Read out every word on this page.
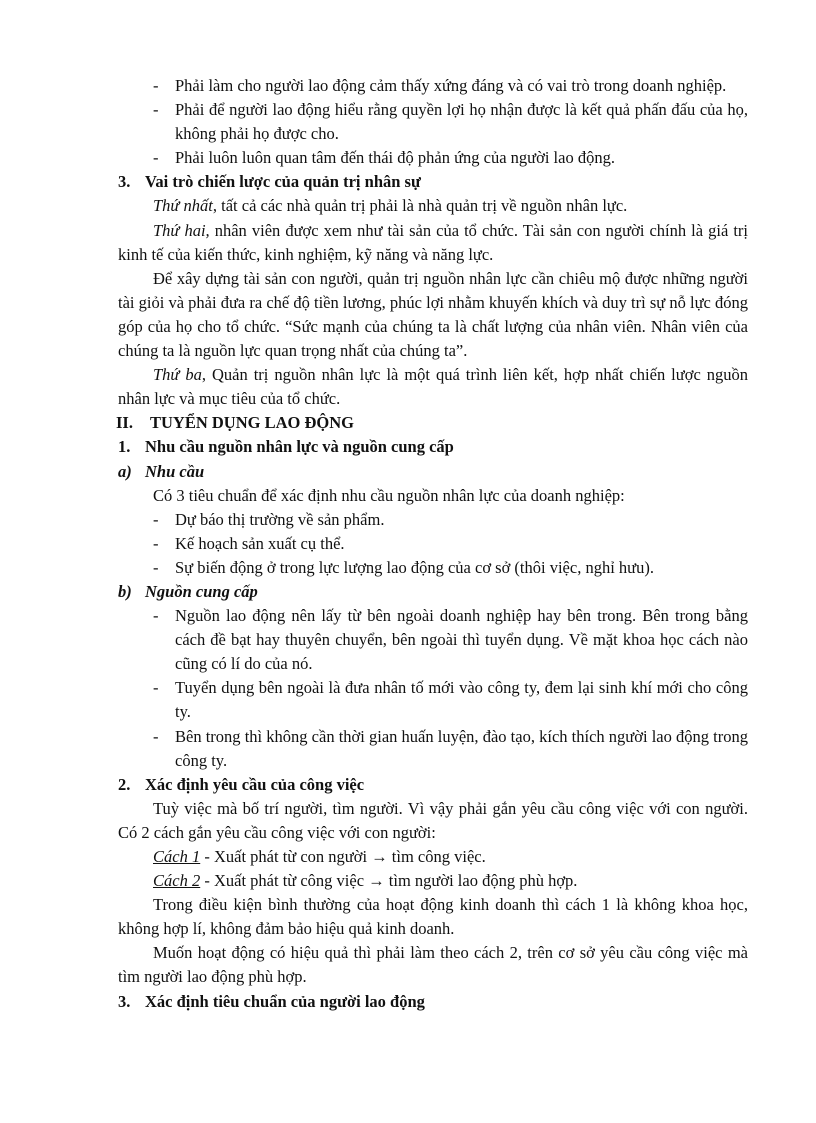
- Phải làm cho người lao động cảm thấy xứng đáng và có vai trò trong doanh nghiệp.
- Phải để người lao động hiểu rằng quyền lợi họ nhận được là kết quả phấn đấu của họ, không phải họ được cho.
- Phải luôn luôn quan tâm đến thái độ phản ứng của người lao động.
3. Vai trò chiến lược của quản trị nhân sự
Thứ nhất, tất cả các nhà quản trị phải là nhà quản trị về nguồn nhân lực.
Thứ hai, nhân viên được xem như tài sản của tổ chức. Tài sản con người chính là giá trị kinh tế của kiến thức, kinh nghiệm, kỹ năng và năng lực.
Để xây dựng tài sản con người, quản trị nguồn nhân lực cần chiêu mộ được những người tài giỏi và phải đưa ra chế độ tiền lương, phúc lợi nhằm khuyến khích và duy trì sự nỗ lực đóng góp của họ cho tổ chức. “Sức mạnh của chúng ta là chất lượng của nhân viên. Nhân viên của chúng ta là nguồn lực quan trọng nhất của chúng ta”.
Thứ ba, Quản trị nguồn nhân lực là một quá trình liên kết, hợp nhất chiến lược nguồn nhân lực và mục tiêu của tổ chức.
II. TUYỂN DỤNG LAO ĐỘNG
1. Nhu cầu nguồn nhân lực và nguồn cung cấp
a) Nhu cầu
Có 3 tiêu chuẩn để xác định nhu cầu nguồn nhân lực của doanh nghiệp:
- Dự báo thị trường về sản phẩm.
- Kế hoạch sản xuất cụ thể.
- Sự biến động ở trong lực lượng lao động của cơ sở (thôi việc, nghỉ hưu).
b) Nguồn cung cấp
- Nguồn lao động nên lấy từ bên ngoài doanh nghiệp hay bên trong. Bên trong bằng cách đề bạt hay thuyên chuyển, bên ngoài thì tuyển dụng. Về mặt khoa học cách nào cũng có lí do của nó.
- Tuyển dụng bên ngoài là đưa nhân tố mới vào công ty, đem lại sinh khí mới cho công ty.
- Bên trong thì không cần thời gian huấn luyện, đào tạo, kích thích người lao động trong công ty.
2. Xác định yêu cầu của công việc
Tuỳ việc mà bố trí người, tìm người. Vì vậy phải gắn yêu cầu công việc với con người. Có 2 cách gắn yêu cầu công việc với con người:
Cách 1 - Xuất phát từ con người → tìm công việc.
Cách 2 - Xuất phát từ công việc → tìm người lao động phù hợp.
Trong điều kiện bình thường của hoạt động kinh doanh thì cách 1 là không khoa học, không hợp lí, không đảm bảo hiệu quả kinh doanh.
Muốn hoạt động có hiệu quả thì phải làm theo cách 2, trên cơ sở yêu cầu công việc mà tìm người lao động phù hợp.
3. Xác định tiêu chuẩn của người lao động
